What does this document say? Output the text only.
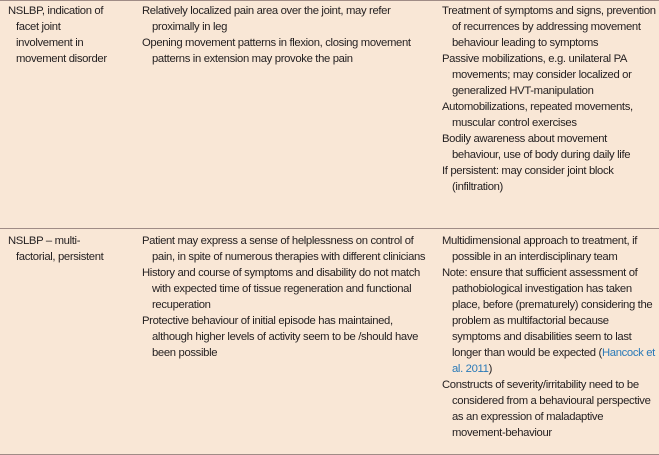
NSLBP, indication of
facet joint
involvement in
movement disorder
Relatively localized pain area over the joint, may refer proximally in leg
Opening movement patterns in flexion, closing movement patterns in extension may provoke the pain
Treatment of symptoms and signs, prevention of recurrences by addressing movement behaviour leading to symptoms
Passive mobilizations, e.g. unilateral PA movements; may consider localized or generalized HVT-manipulation
Automobilizations, repeated movements, muscular control exercises
Bodily awareness about movement behaviour, use of body during daily life
If persistent: may consider joint block (infiltration)
NSLBP – multi-
factorial, persistent
Patient may express a sense of helplessness on control of pain, in spite of numerous therapies with different clinicians
History and course of symptoms and disability do not match with expected time of tissue regeneration and functional recuperation
Protective behaviour of initial episode has maintained, although higher levels of activity seem to be /should have been possible
Multidimensional approach to treatment, if possible in an interdisciplinary team
Note: ensure that sufficient assessment of pathobiological investigation has taken place, before (prematurely) considering the problem as multifactorial because symptoms and disabilities seem to last longer than would be expected (Hancock et al. 2011)
Constructs of severity/irritability need to be considered from a behavioural perspective as an expression of maladaptive movement-behaviour
